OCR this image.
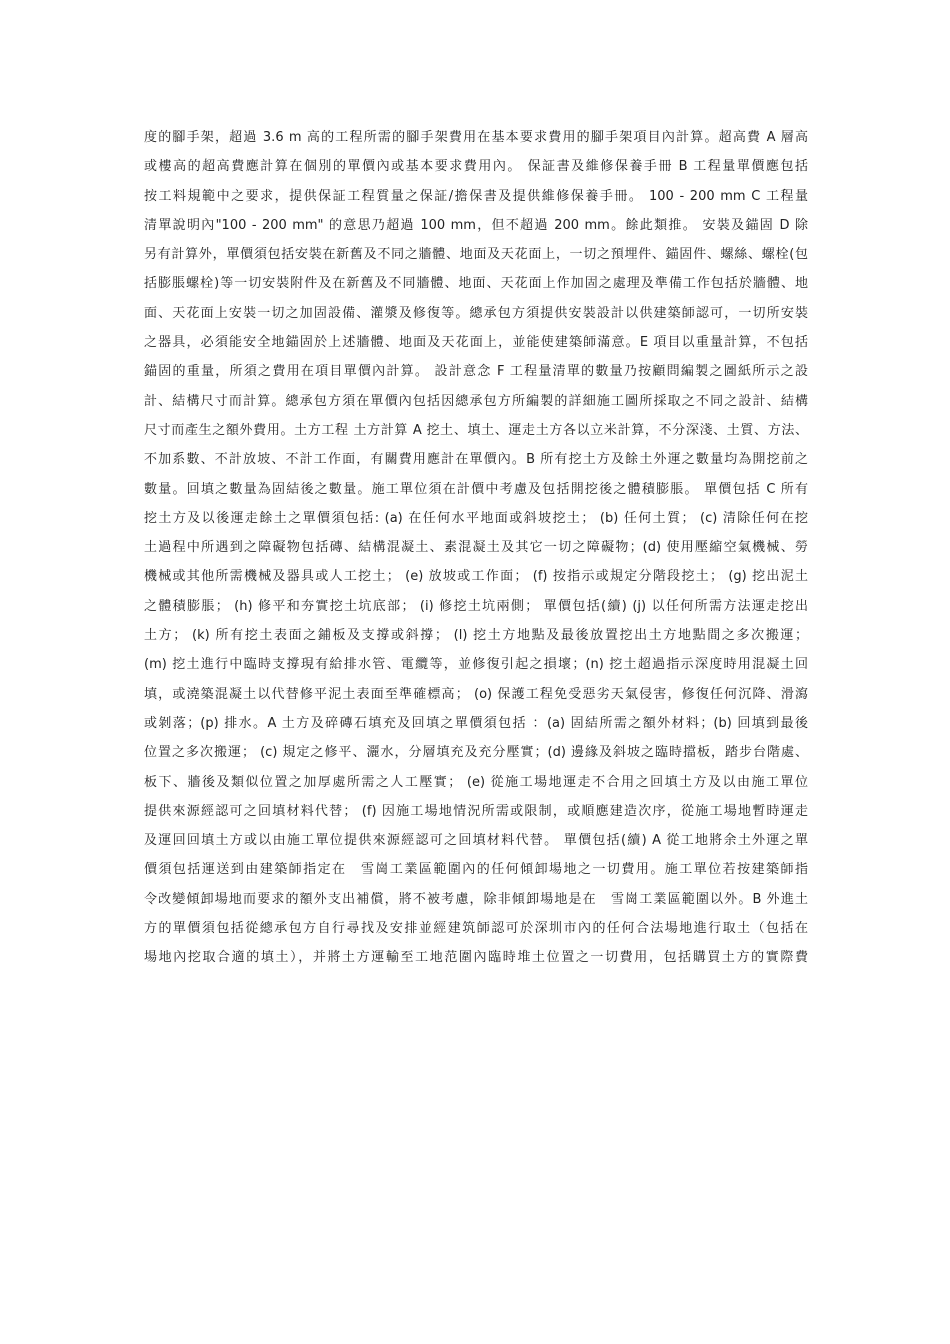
度的腳手架，超過 3.6 m 高的工程所需的腳手架費用在基本要求費用的腳手架項目內計算。超高費 A 層高
或樓高的超高費應計算在個別的單價內或基本要求費用內。 保証書及維修保養手冊 B 工程量單價應包括
按工料規範中之要求，提供保証工程質量之保証/擔保書及提供維修保養手冊。 100 - 200 mm C 工程量
清單說明內"100 - 200 mm" 的意思乃超過 100 mm，但不超過 200 mm。餘此類推。 安裝及錨固 D 除
另有計算外，單價須包括安裝在新舊及不同之牆體、地面及天花面上，一切之預埋件、錨固件、螺絲、螺栓(包
括膨脹螺栓)等一切安裝附件及在新舊及不同牆體、地面、天花面上作加固之處理及準備工作包括於牆體、地
面、天花面上安裝一切之加固設備、灌漿及修復等。總承包方須提供安裝設計以供建築師認可，一切所安裝
之器具，必須能安全地錨固於上述牆體、地面及天花面上，並能使建築師滿意。E 項目以重量計算，不包括
錨固的重量，所須之費用在項目單價內計算。 設計意念 F 工程量清單的數量乃按顧問編製之圖紙所示之設
計、結構尺寸而計算。總承包方須在單價內包括因總承包方所編製的詳細施工圖所採取之不同之設計、結構
尺寸而產生之額外費用。土方工程 土方計算 A 挖土、填土、運走土方各以立米計算，不分深淺、土質、方法、
不加系數、不計放坡、不計工作面，有關費用應計在單價內。B 所有挖土方及餘土外運之數量均為開挖前之
數量。回填之數量為固結後之數量。施工單位須在計價中考慮及包括開挖後之體積膨脹。 單價包括 C 所有
挖土方及以後運走餘土之單價須包括: (a) 在任何水平地面或斜坡挖土； (b) 任何土質； (c) 清除任何在挖
土過程中所遇到之障礙物包括磚、結構混凝土、素混凝土及其它一切之障礙物；(d) 使用壓縮空氣機械、勞
機械或其他所需機械及器具或人工挖土； (e) 放坡或工作面； (f) 按指示或規定分階段挖土； (g) 挖出泥土
之體積膨脹； (h) 修平和夯實挖土坑底部； (i) 修挖土坑兩側； 單價包括(續) (j) 以任何所需方法運走挖出
土方； (k) 所有挖土表面之鋪板及支撐或斜撐； (l) 挖土方地點及最後放置挖出土方地點間之多次搬運；
(m) 挖土進行中臨時支撐現有給排水管、電纜等，並修復引起之損壞；(n) 挖土超過指示深度時用混凝土回
填，或澆築混凝土以代替修平泥土表面至準確標高； (o) 保護工程免受惡劣天氣侵害，修復任何沉降、滑瀉
或剝落；(p) 排水。A 土方及碎磚石填充及回填之單價須包括 ：(a) 固結所需之額外材料；(b) 回填到最後
位置之多次搬運； (c) 規定之修平、灑水，分層填充及充分壓實；(d) 邊緣及斜坡之臨時擋板，踏步台階處、
板下、牆後及類似位置之加厚處所需之人工壓實； (e) 從施工場地運走不合用之回填土方及以由施工單位
提供來源經認可之回填材料代替； (f) 因施工場地情況所需或限制，或順應建造次序，從施工場地暫時運走
及運回回填土方或以由施工單位提供來源經認可之回填材料代替。 單價包括(續) A 從工地將余土外運之單
價須包括運送到由建築師指定在　雪崗工業區範圍內的任何傾卸場地之一切費用。施工單位若按建築師指
令改變傾卸場地而要求的額外支出補償，將不被考慮，除非傾卸場地是在　雪崗工業區範圍以外。B 外進土
方的單價須包括從總承包方自行尋找及安排並經建筑師認可於深圳市內的任何合法場地進行取土（包括在
場地內挖取合適的填土），并將土方運輸至工地范圍內臨時堆土位置之一切費用，包括購買土方的實際費
